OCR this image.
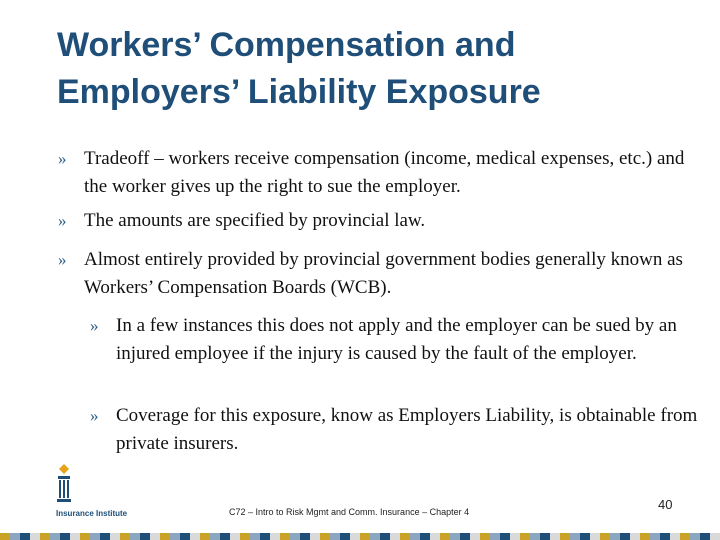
Workers’ Compensation and
Employers’ Liability Exposure
» Tradeoff – workers receive compensation (income, medical expenses, etc.) and the worker gives up the right to sue the employer.
» The amounts are specified by provincial law.
» Almost entirely provided by provincial government bodies generally known as Workers’ Compensation Boards (WCB).
» In a few instances this does not apply and the employer can be sued by an injured employee if the injury is caused by the fault of the employer.
» Coverage for this exposure, know as Employers Liability, is obtainable from private insurers.
Insurance Institute	C72 – Intro to Risk Mgmt and Comm. Insurance – Chapter 4	40
